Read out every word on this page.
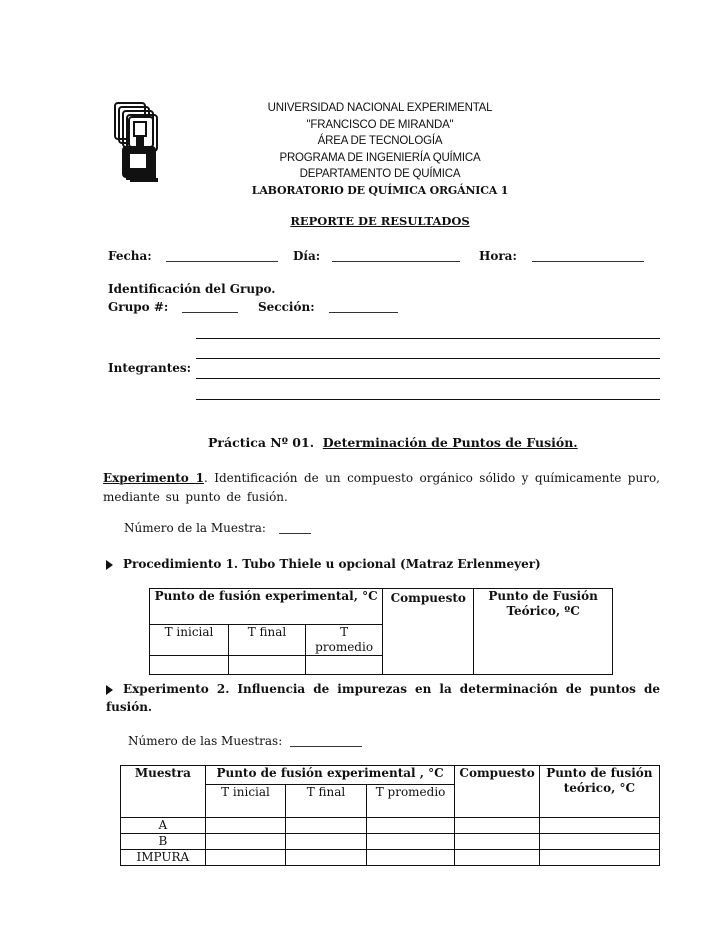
UNIVERSIDAD NACIONAL EXPERIMENTAL
"FRANCISCO DE MIRANDA"
ÁREA DE TECNOLOGÍA
PROGRAMA DE INGENIERÍA QUÍMICA
DEPARTAMENTO DE QUÍMICA
LABORATORIO DE QUÍMICA ORGÁNICA 1
REPORTE DE RESULTADOS
Fecha:	Día:	Hora:
Identificación del Grupo.
Grupo #:	Sección:
Integrantes:
Práctica Nº 01. Determinación de Puntos de Fusión.
Experimento 1. Identificación de un compuesto orgánico sólido y químicamente puro, mediante su punto de fusión.
Número de la Muestra:
Procedimiento 1. Tubo Thiele u opcional (Matraz Erlenmeyer)
Punto de fusión experimental, °C			Compuesto	Punto de Fusión Teórico, ºC
T inicial	T final	T promedio		

Experimento 2. Influencia de impurezas en la determinación de puntos de fusión.
Número de las Muestras:
Muestra	Punto de fusión experimental , °C			Compuesto	Punto de fusión teórico, °C
	T inicial	T final	T promedio		
A					
B					
IMPURA					
